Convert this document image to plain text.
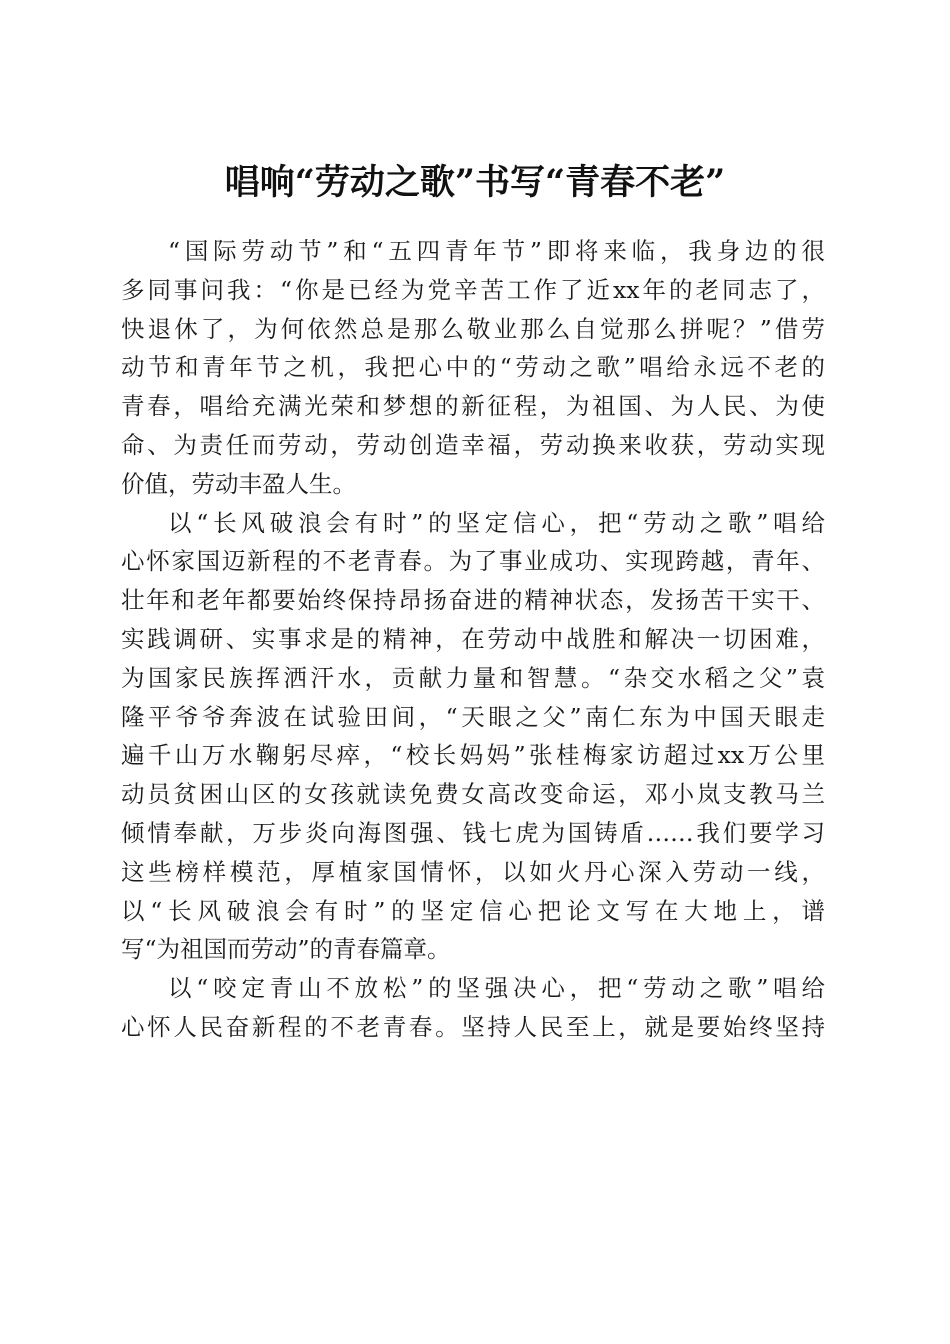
唱响“劳动之歌”书写“青春不老”
“国际劳动节”和“五四青年节”即将来临，我身边的很
多同事问我：“你是已经为党辛苦工作了近xx年的老同志了，
快退休了，为何依然总是那么敬业那么自觉那么拼呢？”借劳
动节和青年节之机，我把心中的“劳动之歌”唱给永远不老的
青春，唱给充满光荣和梦想的新征程，为祖国、为人民、为使
命、为责任而劳动，劳动创造幸福，劳动换来收获，劳动实现
价值，劳动丰盈人生。
以“长风破浪会有时”的坚定信心，把“劳动之歌”唱给
心怀家国迈新程的不老青春。为了事业成功、实现跨越，青年、
壮年和老年都要始终保持昂扬奋进的精神状态，发扬苦干实干、
实践调研、实事求是的精神，在劳动中战胜和解决一切困难，
为国家民族挥洒汗水，贡献力量和智慧。“杂交水稻之父”袁
隆平爷爷奔波在试验田间，“天眼之父”南仁东为中国天眼走
遍千山万水鞠躬尽瘁，“校长妈妈”张桂梅家访超过xx万公里
动员贫困山区的女孩就读免费女高改变命运，邓小岚支教马兰
倾情奉献，万步炎向海图强、钱七虎为国铸盾……我们要学习
这些榜样模范，厚植家国情怀，以如火丹心深入劳动一线，
以“长风破浪会有时”的坚定信心把论文写在大地上，谱
写“为祖国而劳动”的青春篇章。
以“咬定青山不放松”的坚强决心，把“劳动之歌”唱给
心怀人民奋新程的不老青春。坚持人民至上，就是要始终坚持
